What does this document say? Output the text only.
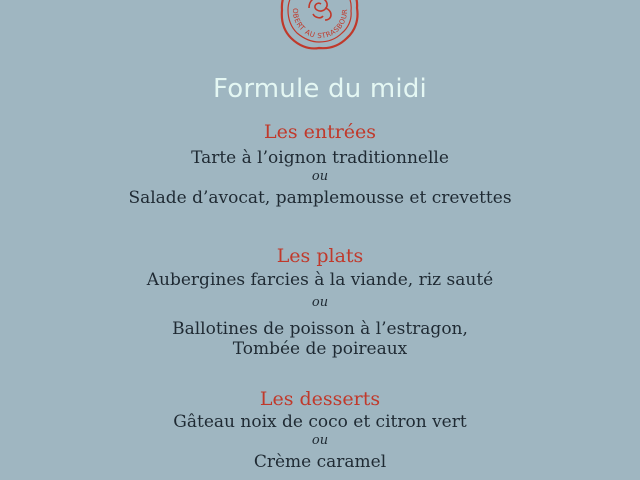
OBERT AU STRASBOUR
Formule du midi
Les entrées
Tarte à l’oignon traditionnelle
ou
Salade d’avocat, pamplemousse et crevettes
Les plats
Aubergines farcies à la viande, riz sauté
ou
Ballotines de poisson à l’estragon,
Tombée de poireaux
Les desserts
Gâteau noix de coco et citron vert
ou
Crème caramel
